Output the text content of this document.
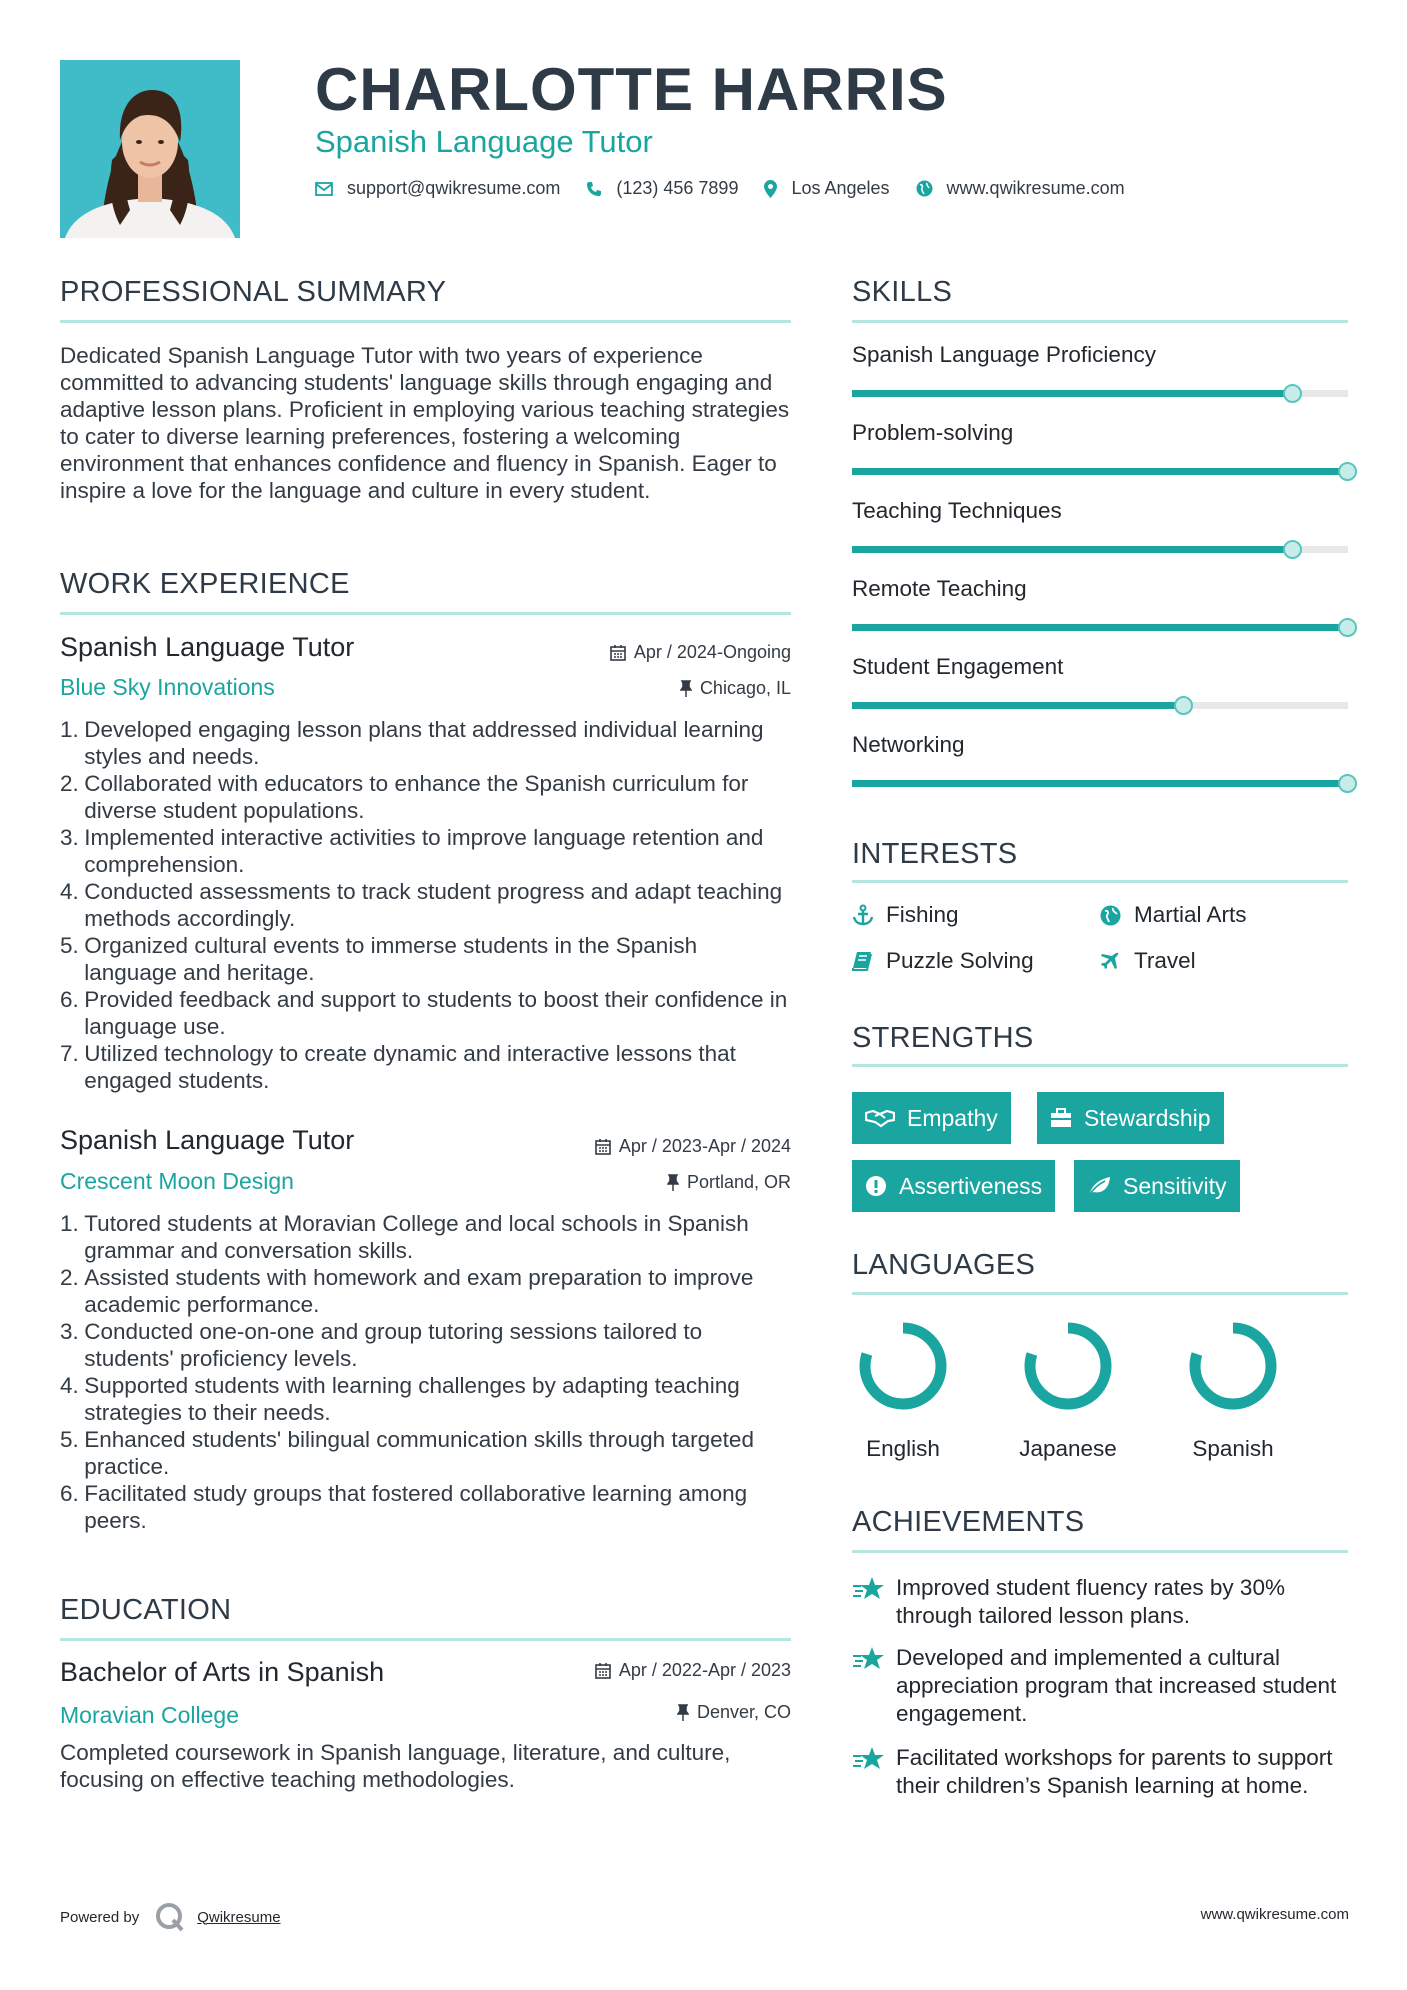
CHARLOTTE HARRIS
Spanish Language Tutor
support@qwikresume.com	(123) 456 7899	Los Angeles	www.qwikresume.com
PROFESSIONAL SUMMARY
Dedicated Spanish Language Tutor with two years of experience committed to advancing students' language skills through engaging and adaptive lesson plans. Proficient in employing various teaching strategies to cater to diverse learning preferences, fostering a welcoming environment that enhances confidence and fluency in Spanish. Eager to inspire a love for the language and culture in every student.
WORK EXPERIENCE
Spanish Language Tutor	Apr / 2024-Ongoing
Blue Sky Innovations	Chicago, IL
1.
Developed engaging lesson plans that addressed individual learning styles and needs.
2.
Collaborated with educators to enhance the Spanish curriculum for diverse student populations.
3.
Implemented interactive activities to improve language retention and comprehension.
4.
Conducted assessments to track student progress and adapt teaching methods accordingly.
5.
Organized cultural events to immerse students in the Spanish language and heritage.
6.
Provided feedback and support to students to boost their confidence in language use.
7.
Utilized technology to create dynamic and interactive lessons that engaged students.
Spanish Language Tutor	Apr / 2023-Apr / 2024
Crescent Moon Design	Portland, OR
1.
Tutored students at Moravian College and local schools in Spanish grammar and conversation skills.
2.
Assisted students with homework and exam preparation to improve academic performance.
3.
Conducted one-on-one and group tutoring sessions tailored to students' proficiency levels.
4.
Supported students with learning challenges by adapting teaching strategies to their needs.
5.
Enhanced students' bilingual communication skills through targeted practice.
6.
Facilitated study groups that fostered collaborative learning among peers.
EDUCATION
Bachelor of Arts in Spanish	Apr / 2022-Apr / 2023
Moravian College	Denver, CO
Completed coursework in Spanish language, literature, and culture, focusing on effective teaching methodologies.
SKILLS
Spanish Language Proficiency
Problem-solving
Teaching Techniques
Remote Teaching
Student Engagement
Networking
INTERESTS
Fishing	Martial Arts
Puzzle Solving	Travel
STRENGTHS
Empathy	Stewardship
Assertiveness	Sensitivity
LANGUAGES
English	Japanese	Spanish
ACHIEVEMENTS
Improved student fluency rates by 30% through tailored lesson plans.
Developed and implemented a cultural appreciation program that increased student engagement.
Facilitated workshops for parents to support their children’s Spanish learning at home.
Powered by	Qwikresume	www.qwikresume.com
